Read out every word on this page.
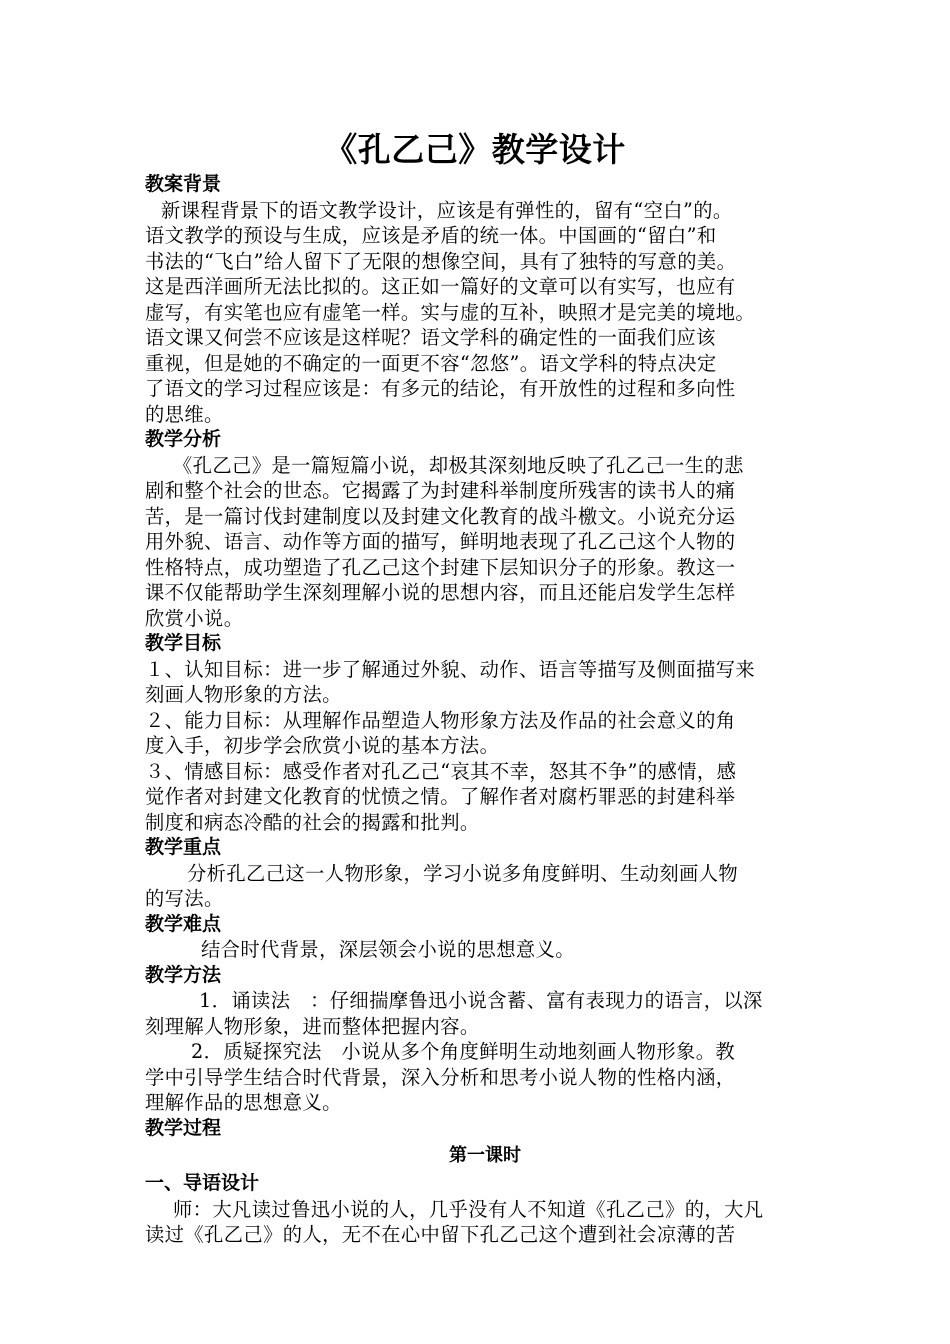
《孔乙己》教学设计
教案背景
新课程背景下的语文教学设计，应该是有弹性的，留有“空白”的。
语文教学的预设与生成，应该是矛盾的统一体。中国画的“留白”和
书法的“飞白”给人留下了无限的想像空间，具有了独特的写意的美。
这是西洋画所无法比拟的。这正如一篇好的文章可以有实写，也应有
虚写，有实笔也应有虚笔一样。实与虚的互补，映照才是完美的境地。
语文课又何尝不应该是这样呢？语文学科的确定性的一面我们应该
重视，但是她的不确定的一面更不容“忽悠”。语文学科的特点决定
了语文的学习过程应该是：有多元的结论，有开放性的过程和多向性
的思维。
教学分析
《孔乙己》是一篇短篇小说，却极其深刻地反映了孔乙己一生的悲
剧和整个社会的世态。它揭露了为封建科举制度所残害的读书人的痛
苦，是一篇讨伐封建制度以及封建文化教育的战斗檄文。小说充分运
用外貌、语言、动作等方面的描写，鲜明地表现了孔乙己这个人物的
性格特点，成功塑造了孔乙己这个封建下层知识分子的形象。教这一
课不仅能帮助学生深刻理解小说的思想内容，而且还能启发学生怎样
欣赏小说。
教学目标
１、认知目标：进一步了解通过外貌、动作、语言等描写及侧面描写来
刻画人物形象的方法。
２、能力目标：从理解作品塑造人物形象方法及作品的社会意义的角
度入手，初步学会欣赏小说的基本方法。
３、情感目标：感受作者对孔乙己“哀其不幸，怒其不争”的感情，感
觉作者对封建文化教育的忧愤之情。了解作者对腐朽罪恶的封建科举
制度和病态冷酷的社会的揭露和批判。
教学重点
分析孔乙己这一人物形象，学习小说多角度鲜明、生动刻画人物
的写法。
教学难点
结合时代背景，深层领会小说的思想意义。
教学方法
1．诵读法　：仔细揣摩鲁迅小说含蓄、富有表现力的语言，以深
刻理解人物形象，进而整体把握内容。
2．质疑探究法　小说从多个角度鲜明生动地刻画人物形象。教
学中引导学生结合时代背景，深入分析和思考小说人物的性格内涵，
理解作品的思想意义。
教学过程
第一课时
一、导语设计
师：大凡读过鲁迅小说的人，几乎没有人不知道《孔乙己》的，大凡
读过《孔乙己》的人，无不在心中留下孔乙己这个遭到社会凉薄的苦
